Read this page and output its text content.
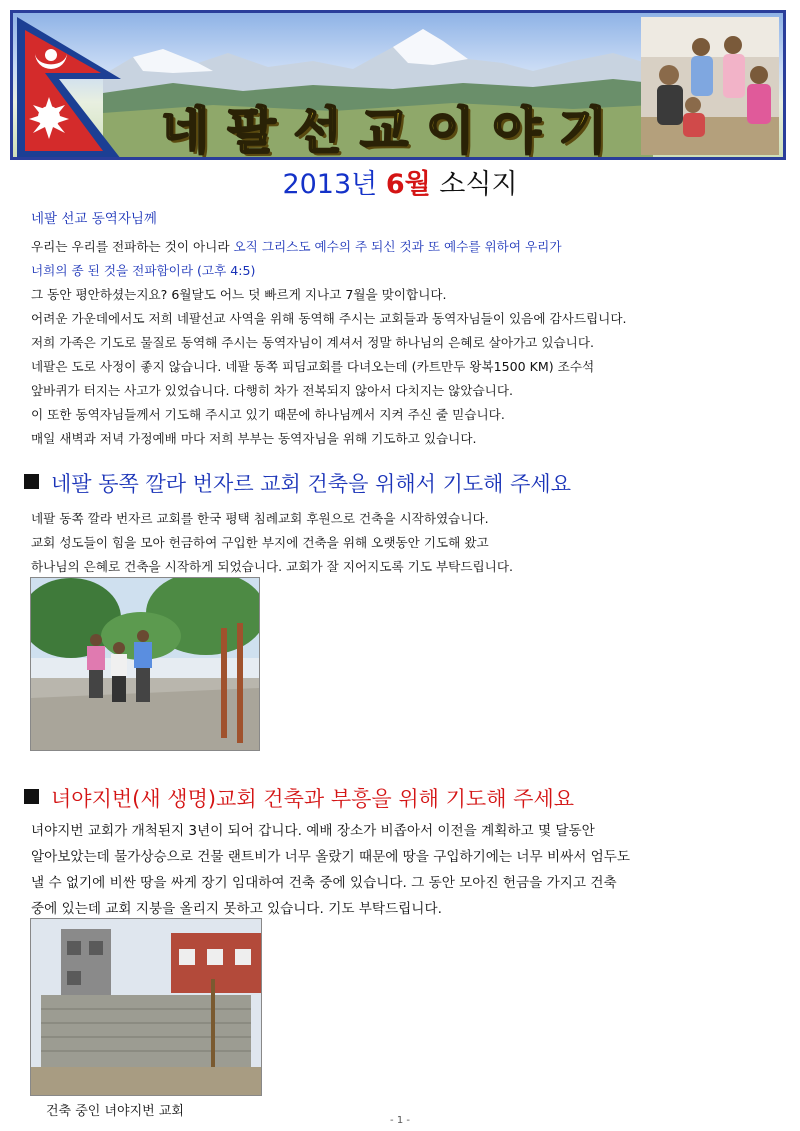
네팔선교이야기
2013년 6월 소식지
네팔 선교 동역자님께
우리는 우리를 전파하는 것이 아니라 오직 그리스도 예수의 주 되신 것과 또 예수를 위하여 우리가
너희의 종 된 것을 전파함이라 (고후 4:5)
그 동안 평안하셨는지요? 6월달도 어느 덧 빠르게 지나고 7월을 맞이합니다.
어려운 가운데에서도 저희 네팔선교 사역을 위해 동역해 주시는 교회들과 동역자님들이 있음에 감사드립니다.
저희 가족은 기도로 물질로 동역해 주시는 동역자님이 계셔서 정말 하나님의 은혜로 살아가고 있습니다.
네팔은 도로 사정이 좋지 않습니다. 네팔 동쪽 피딤교회를 다녀오는데 (카트만두 왕복1500 KM) 조수석
앞바퀴가 터지는 사고가 있었습니다. 다행히 차가 전복되지 않아서 다치지는 않았습니다.
이 또한 동역자님들께서 기도해 주시고 있기 때문에 하나님께서 지켜 주신 줄 믿습니다.
매일 새벽과 저녁 가정예배 마다 저희 부부는 동역자님을 위해 기도하고 있습니다.
네팔 동쪽 깔라 번자르 교회 건축을 위해서 기도해 주세요
네팔 동쪽 깔라 번자르 교회를 한국 평택 침례교회 후원으로 건축을 시작하였습니다.
교회 성도들이 힘을 모아 헌금하여 구입한 부지에 건축을 위해 오랫동안 기도해 왔고
하나님의 은혜로 건축을 시작하게 되었습니다. 교회가 잘 지어지도록 기도 부탁드립니다.
녀야지번(새 생명)교회 건축과 부흥을 위해 기도해 주세요
녀야지번 교회가 개척된지 3년이 되어 갑니다. 예배 장소가 비좁아서 이전을 계획하고 몇 달동안
알아보았는데 물가상승으로 건물 랜트비가 너무 올랐기 때문에 땅을 구입하기에는 너무 비싸서 엄두도
낼 수 없기에 비싼 땅을 싸게 장기 임대하여 건축 중에 있습니다. 그 동안 모아진 헌금을 가지고 건축
중에 있는데 교회 지붕을 올리지 못하고 있습니다. 기도 부탁드립니다.
건축 중인 녀야지번 교회
- 1 -
